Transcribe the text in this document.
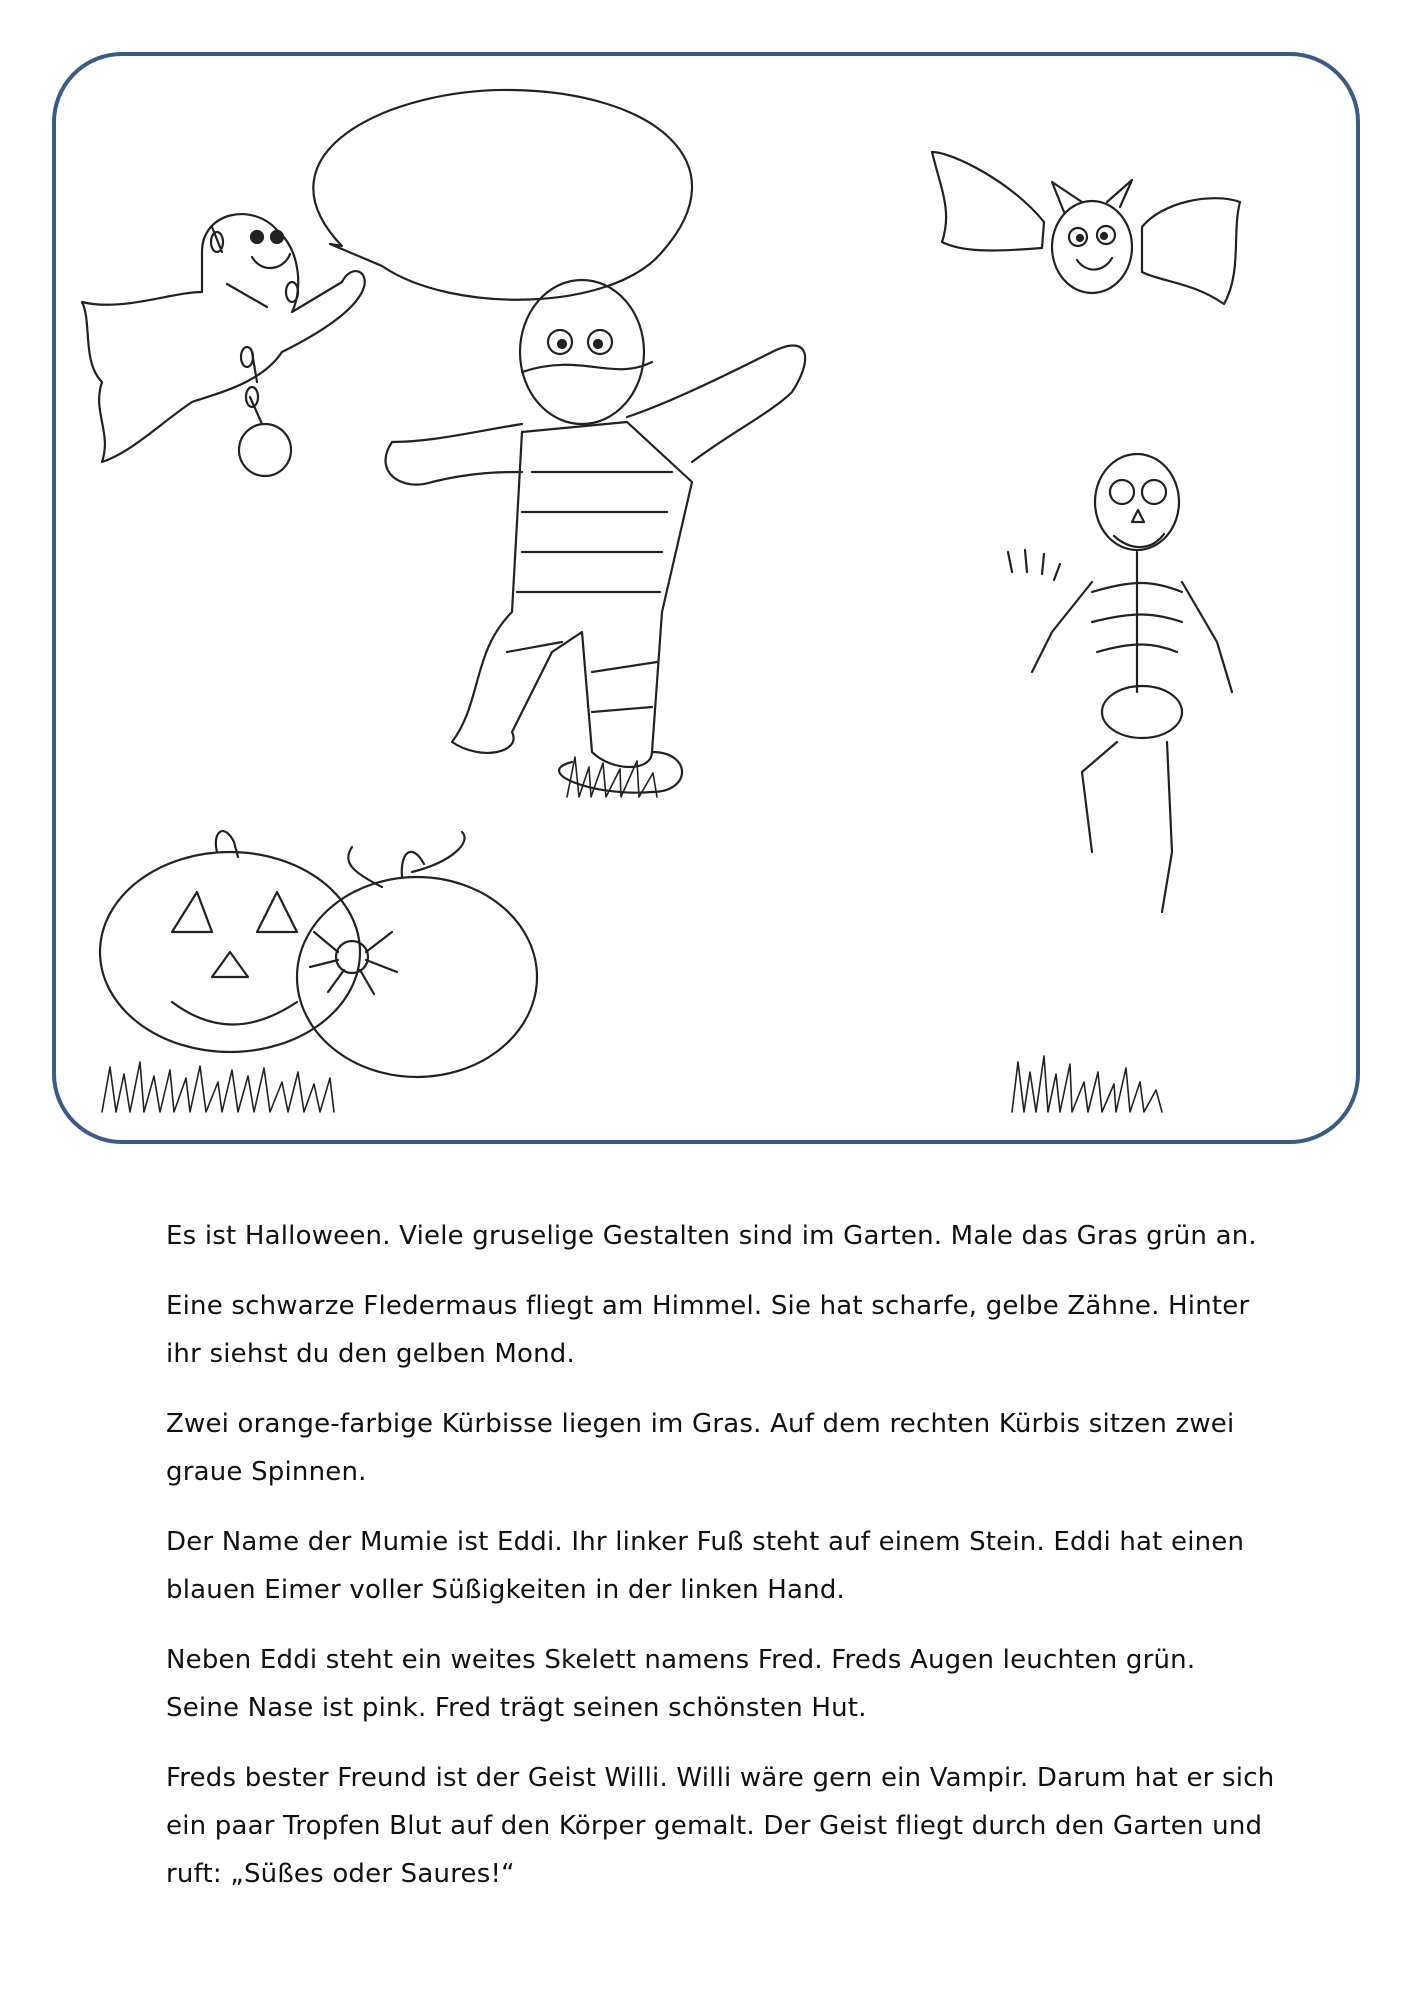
Es ist Halloween. Viele gruselige Gestalten sind im Garten. Male das Gras grün an.

Eine schwarze Fledermaus fliegt am Himmel. Sie hat scharfe, gelbe Zähne. Hinter ihr siehst du den gelben Mond.

Zwei orange-farbige Kürbisse liegen im Gras. Auf dem rechten Kürbis sitzen zwei graue Spinnen.

Der Name der Mumie ist Eddi. Ihr linker Fuß steht auf einem Stein. Eddi hat einen blauen Eimer voller Süßigkeiten in der linken Hand.

Neben Eddi steht ein weites Skelett namens Fred. Freds Augen leuchten grün. Seine Nase ist pink. Fred trägt seinen schönsten Hut.

Freds bester Freund ist der Geist Willi. Willi wäre gern ein Vampir. Darum hat er sich ein paar Tropfen Blut auf den Körper gemalt. Der Geist fliegt durch den Garten und ruft: „Süßes oder Saures!“
